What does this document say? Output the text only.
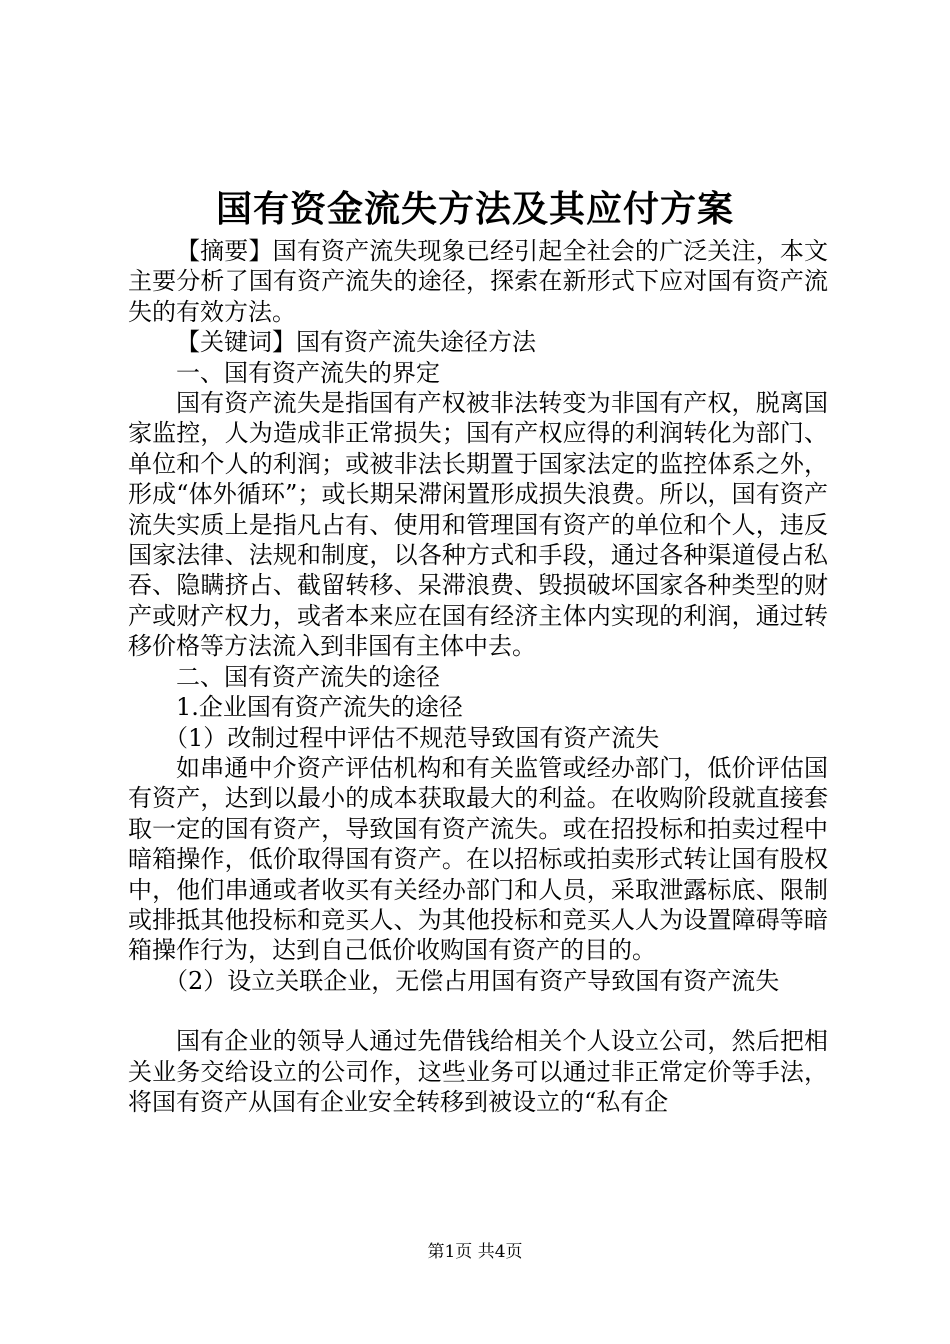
国有资金流失方法及其应付方案

【摘要】国有资产流失现象已经引起全社会的广泛关注，本文主要分析了国有资产流失的途径，探索在新形式下应对国有资产流失的有效方法。

【关键词】国有资产流失途径方法

一、国有资产流失的界定

国有资产流失是指国有产权被非法转变为非国有产权，脱离国家监控，人为造成非正常损失；国有产权应得的利润转化为部门、单位和个人的利润；或被非法长期置于国家法定的监控体系之外，形成“体外循环”；或长期呆滞闲置形成损失浪费。所以，国有资产流失实质上是指凡占有、使用和管理国有资产的单位和个人，违反国家法律、法规和制度，以各种方式和手段，通过各种渠道侵占私吞、隐瞒挤占、截留转移、呆滞浪费、毁损破坏国家各种类型的财产或财产权力，或者本来应在国有经济主体内实现的利润，通过转移价格等方法流入到非国有主体中去。

二、国有资产流失的途径

1.企业国有资产流失的途径

（1）改制过程中评估不规范导致国有资产流失

如串通中介资产评估机构和有关监管或经办部门，低价评估国有资产，达到以最小的成本获取最大的利益。在收购阶段就直接套取一定的国有资产，导致国有资产流失。或在招投标和拍卖过程中暗箱操作，低价取得国有资产。在以招标或拍卖形式转让国有股权中，他们串通或者收买有关经办部门和人员，采取泄露标底、限制或排抵其他投标和竞买人、为其他投标和竞买人人为设置障碍等暗箱操作行为，达到自己低价收购国有资产的目的。

（2）设立关联企业，无偿占用国有资产导致国有资产流失

国有企业的领导人通过先借钱给相关个人设立公司，然后把相关业务交给设立的公司作，这些业务可以通过非正常定价等手法，将国有资产从国有企业安全转移到被设立的“私有企

第1页 共4页
